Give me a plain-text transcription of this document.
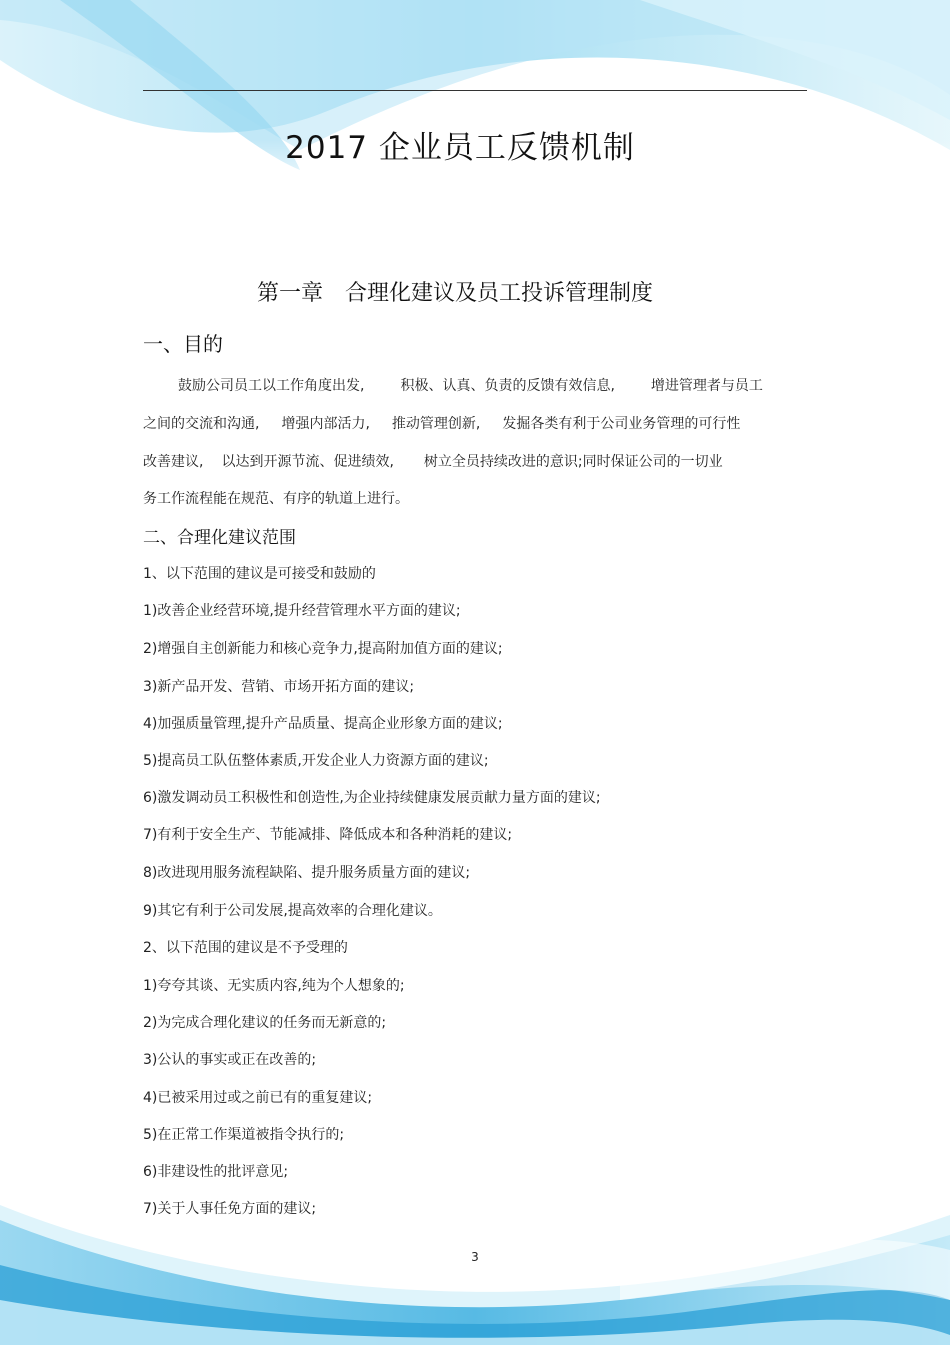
2017 企业员工反馈机制
第一章 合理化建议及员工投诉管理制度
一、目的
鼓励公司员工以工作角度出发,	积极、认真、负责的反馈有效信息,	增进管理者与员工
之间的交流和沟通, 增强内部活力, 推动管理创新, 发掘各类有利于公司业务管理的可行性
改善建议, 以达到开源节流、促进绩效, 树立全员持续改进的意识;同时保证公司的一切业
务工作流程能在规范、有序的轨道上进行。
二、合理化建议范围
1、以下范围的建议是可接受和鼓励的
1)改善企业经营环境,提升经营管理水平方面的建议;
2)增强自主创新能力和核心竞争力,提高附加值方面的建议;
3)新产品开发、营销、市场开拓方面的建议;
4)加强质量管理,提升产品质量、提高企业形象方面的建议;
5)提高员工队伍整体素质,开发企业人力资源方面的建议;
6)激发调动员工积极性和创造性,为企业持续健康发展贡献力量方面的建议;
7)有利于安全生产、节能减排、降低成本和各种消耗的建议;
8)改进现用服务流程缺陷、提升服务质量方面的建议;
9)其它有利于公司发展,提高效率的合理化建议。
2、以下范围的建议是不予受理的
1)夸夸其谈、无实质内容,纯为个人想象的;
2)为完成合理化建议的任务而无新意的;
3)公认的事实或正在改善的;
4)已被采用过或之前已有的重复建议;
5)在正常工作渠道被指令执行的;
6)非建设性的批评意见;
7)关于人事任免方面的建议;
3
